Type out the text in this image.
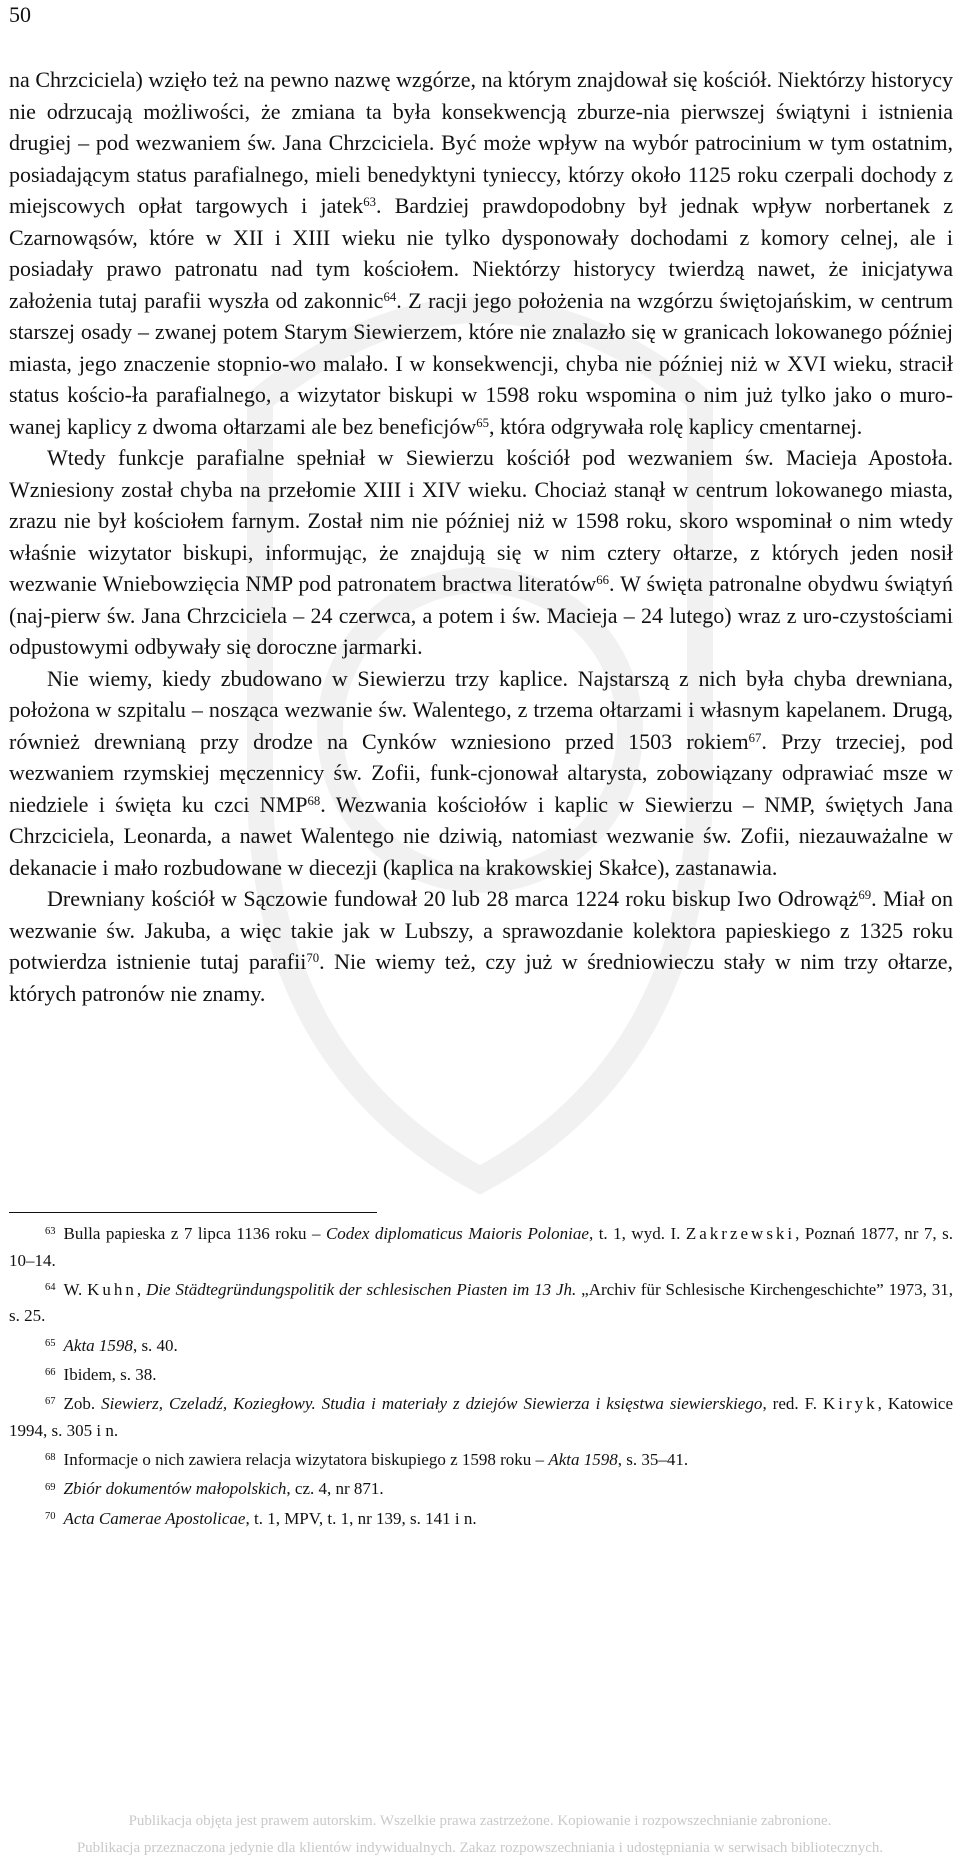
50

na Chrzciciela) wzięło też na pewno nazwę wzgórze, na którym znajdował się kościół. Niektórzy historycy nie odrzucają możliwości, że zmiana ta była konsekwencją zburze-nia pierwszej świątyni i istnienia drugiej – pod wezwaniem św. Jana Chrzciciela. Być może wpływ na wybór patrocinium w tym ostatnim, posiadającym status parafialnego, mieli benedyktyni tynieccy, którzy około 1125 roku czerpali dochody z miejscowych opłat targowych i jatek$^{63}$. Bardziej prawdopodobny był jednak wpływ norbertanek z Czarnowąsów, które w XII i XIII wieku nie tylko dysponowały dochodami z komory celnej, ale i posiadały prawo patronatu nad tym kościołem. Niektórzy historycy twierdzą nawet, że inicjatywa założenia tutaj parafii wyszła od zakonnic$^{64}$. Z racji jego położenia na wzgórzu świętojańskim, w centrum starszej osady – zwanej potem Starym Siewierzem, które nie znalazło się w granicach lokowanego później miasta, jego znaczenie stopnio-wo malało. I w konsekwencji, chyba nie później niż w XVI wieku, stracił status kościo-ła parafialnego, a wizytator biskupi w 1598 roku wspomina o nim już tylko jako o muro-wanej kaplicy z dwoma ołtarzami ale bez beneficjów$^{65}$, która odgrywała rolę kaplicy cmentarnej.

Wtedy funkcje parafialne spełniał w Siewierzu kościół pod wezwaniem św. Macieja Apostoła. Wzniesiony został chyba na przełomie XIII i XIV wieku. Chociaż stanął w centrum lokowanego miasta, zrazu nie był kościołem farnym. Został nim nie później niż w 1598 roku, skoro wspominał o nim wtedy właśnie wizytator biskupi, informując, że znajdują się w nim cztery ołtarze, z których jeden nosił wezwanie Wniebowzięcia NMP pod patronatem bractwa literatów$^{66}$. W święta patronalne obydwu świątyń (naj-pierw św. Jana Chrzciciela – 24 czerwca, a potem i św. Macieja – 24 lutego) wraz z uro-czystościami odpustowymi odbywały się doroczne jarmarki.

Nie wiemy, kiedy zbudowano w Siewierzu trzy kaplice. Najstarszą z nich była chyba drewniana, położona w szpitalu – nosząca wezwanie św. Walentego, z trzema ołtarzami i własnym kapelanem. Drugą, również drewnianą przy drodze na Cynków wzniesiono przed 1503 rokiem$^{67}$. Przy trzeciej, pod wezwaniem rzymskiej męczennicy św. Zofii, funk-cjonował altarysta, zobowiązany odprawiać msze w niedziele i święta ku czci NMP$^{68}$. Wezwania kościołów i kaplic w Siewierzu – NMP, świętych Jana Chrzciciela, Leonarda, a nawet Walentego nie dziwią, natomiast wezwanie św. Zofii, niezauważalne w dekanacie i mało rozbudowane w diecezji (kaplica na krakowskiej Skałce), zastanawia.

Drewniany kościół w Sączowie fundował 20 lub 28 marca 1224 roku biskup Iwo Odrowąż$^{69}$. Miał on wezwanie św. Jakuba, a więc takie jak w Lubszy, a sprawozdanie kolektora papieskiego z 1325 roku potwierdza istnienie tutaj parafii$^{70}$. Nie wiemy też, czy już w średniowieczu stały w nim trzy ołtarze, których patronów nie znamy.

$^{63}$ Bulla papieska z 7 lipca 1136 roku – Codex diplomaticus Maioris Poloniae, t. 1, wyd. I. Zakrzewski, Poznań 1877, nr 7, s. 10–14.

$^{64}$ W. Kuhn, Die Städtegründungspolitik der schlesischen Piasten im 13 Jh. „Archiv für Schlesische Kirchengeschichte” 1973, 31, s. 25.

$^{65}$ Akta 1598, s. 40.

$^{66}$ Ibidem, s. 38.

$^{67}$ Zob. Siewierz, Czeladź, Koziegłowy. Studia i materiały z dziejów Siewierza i księstwa siewierskiego, red. F. Kiryk, Katowice 1994, s. 305 i n.

$^{68}$ Informacje o nich zawiera relacja wizytatora biskupiego z 1598 roku – Akta 1598, s. 35–41.

$^{69}$ Zbiór dokumentów małopolskich, cz. 4, nr 871.

$^{70}$ Acta Camerae Apostolicae, t. 1, MPV, t. 1, nr 139, s. 141 i n.

Publikacja objęta jest prawem autorskim. Wszelkie prawa zastrzeżone. Kopiowanie i rozpowszechnianie zabronione.
Publikacja przeznaczona jedynie dla klientów indywidualnych. Zakaz rozpowszechniania i udostępniania w serwisach bibliotecznych.
